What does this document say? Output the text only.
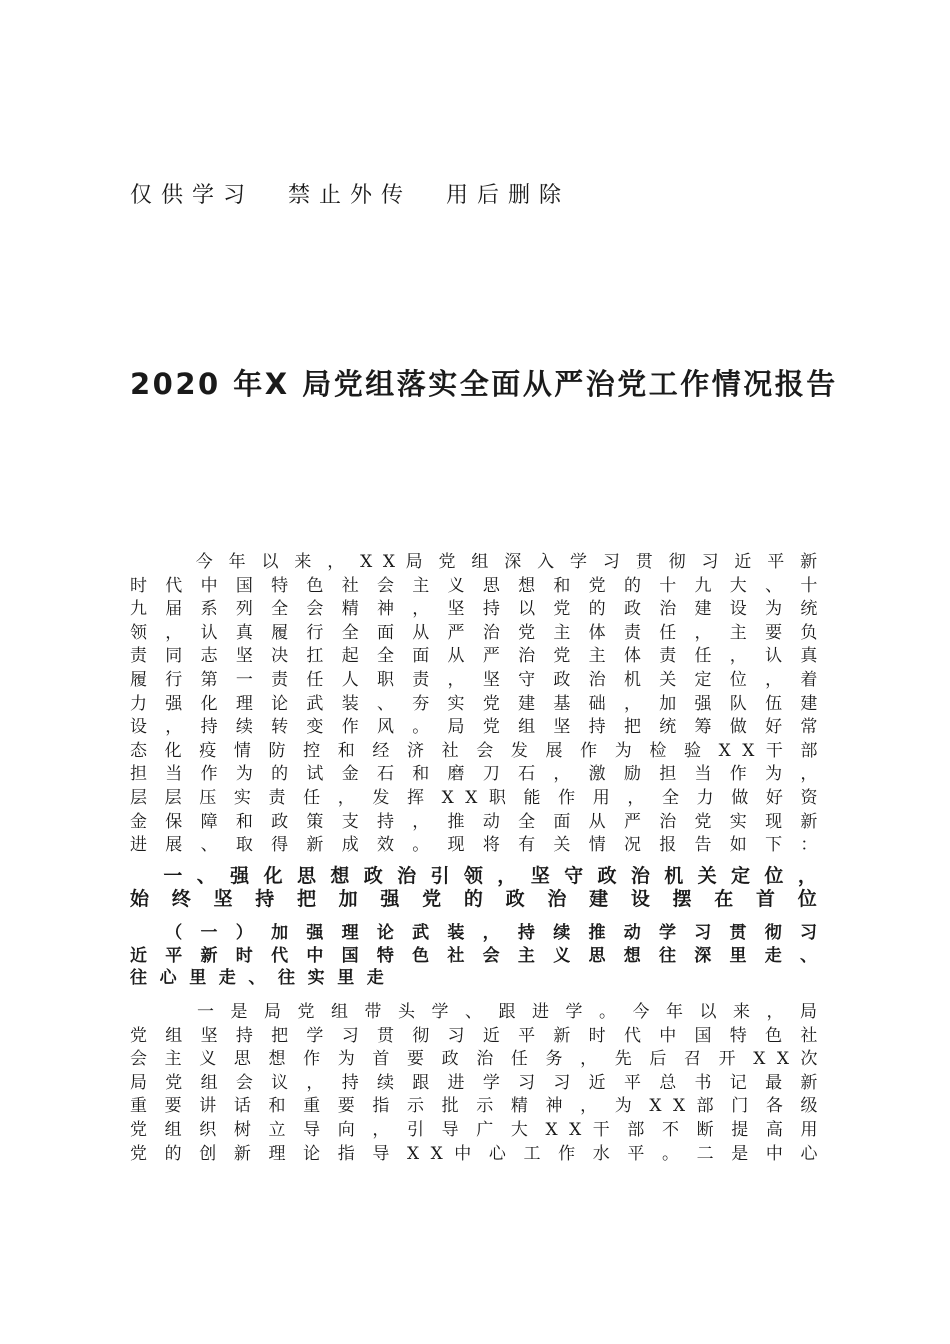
仅供学习 禁止外传 用后删除
2020 年X 局党组落实全面从严治党工作情况报告
　 　 今 年 以 来 ， X X 局 党 组 深 入 学 习 贯 彻 习 近 平 新
时 代 中 国 特 色 社 会 主 义 思 想 和 党 的 十 九 大 、 十
九 届 系 列 全 会 精 神 ， 坚 持 以 党 的 政 治 建 设 为 统
领 ， 认 真 履 行 全 面 从 严 治 党 主 体 责 任 ， 主 要 负
责 同 志 坚 决 扛 起 全 面 从 严 治 党 主 体 责 任 ， 认 真
履 行 第 一 责 任 人 职 责 ， 坚 守 政 治 机 关 定 位 ， 着
力 强 化 理 论 武 装 、 夯 实 党 建 基 础 ， 加 强 队 伍 建
设 ， 持 续 转 变 作 风 。 局 党 组 坚 持 把 统 筹 做 好 常
态 化 疫 情 防 控 和 经 济 社 会 发 展 作 为 检 验 X X 干 部
担 当 作 为 的 试 金 石 和 磨 刀 石 ， 激 励 担 当 作 为 ，
层 层 压 实 责 任 ， 发 挥 X X 职 能 作 用 ， 全 力 做 好 资
金 保 障 和 政 策 支 持 ， 推 动 全 面 从 严 治 党 实 现 新
进 展 、 取 得 新 成 效 。 现 将 有 关 情 况 报 告 如 下 ：
　 一 、 强 化 思 想 政 治 引 领 ， 坚 守 政 治 机 关 定 位 ，
始 终 坚 持 把 加 强 党 的 政 治 建 设 摆 在 首 位
　 （ 一 ） 加 强 理 论 武 装 ， 持 续 推 动 学 习 贯 彻 习
近 平 新 时 代 中 国 特 色 社 会 主 义 思 想 往 深 里 走 、
往心里走、往实里走
　 　 一 是 局 党 组 带 头 学 、 跟 进 学 。 今 年 以 来 ， 局
党 组 坚 持 把 学 习 贯 彻 习 近 平 新 时 代 中 国 特 色 社
会 主 义 思 想 作 为 首 要 政 治 任 务 ， 先 后 召 开 X X 次
局 党 组 会 议 ， 持 续 跟 进 学 习 习 近 平 总 书 记 最 新
重 要 讲 话 和 重 要 指 示 批 示 精 神 ， 为 X X 部 门 各 级
党 组 织 树 立 导 向 ， 引 导 广 大 X X 干 部 不 断 提 高 用
党 的 创 新 理 论 指 导 X X 中 心 工 作 水 平 。 二 是 中 心
